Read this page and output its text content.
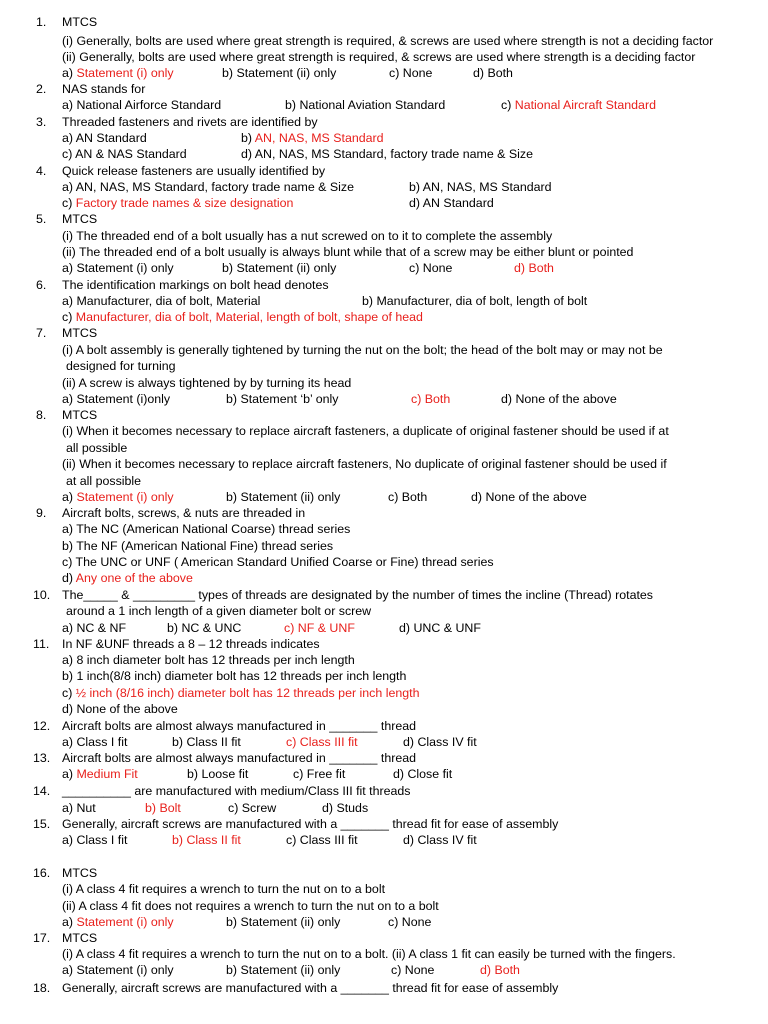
1. MTCS
(i) Generally, bolts are used where great strength is required, & screws are used where strength is not a deciding factor
(ii) Generally, bolts are used where great strength is required, & screws are used where strength is a deciding factor
a) Statement (i) only	b) Statement (ii) only	c) None	d) Both
2. NAS stands for
a) National Airforce Standard	b) National Aviation Standard	c) National Aircraft Standard
3. Threaded fasteners and rivets are identified by
a) AN Standard	b) AN, NAS, MS Standard
c) AN & NAS Standard	d) AN, NAS, MS Standard, factory trade name & Size
4. Quick release fasteners are usually identified by
a) AN, NAS, MS Standard, factory trade name & Size	b) AN, NAS, MS Standard
c) Factory trade names & size designation	d) AN Standard
5. MTCS
(i) The threaded end of a bolt usually has a nut screwed on to it to complete the assembly
(ii) The threaded end of a bolt usually is always blunt while that of a screw may be either blunt or pointed
a) Statement (i) only	b) Statement (ii) only	c) None	d) Both
6. The identification markings on bolt head denotes
a) Manufacturer, dia of bolt, Material	b) Manufacturer, dia of bolt, length of bolt
c) Manufacturer, dia of bolt, Material, length of bolt, shape of head
7. MTCS
(i) A bolt assembly is generally tightened by turning the nut on the bolt; the head of the bolt may or may not be
designed for turning
(ii) A screw is always tightened by by turning its head
a) Statement (i)only	b) Statement ‘b’ only	c) Both	d) None of the above
8. MTCS
(i) When it becomes necessary to replace aircraft fasteners, a duplicate of original fastener should be used if at
all possible
(ii) When it becomes necessary to replace aircraft fasteners, No duplicate of original fastener should be used if
at all possible
a) Statement (i) only	b) Statement (ii) only	c) Both	d) None of the above
9. Aircraft bolts, screws, & nuts are threaded in
a) The NC (American National Coarse) thread series
b) The NF (American National Fine) thread series
c) The UNC or UNF ( American Standard Unified Coarse or Fine) thread series
d) Any one of the above
10. The_____ & _________ types of threads are designated by the number of times the incline (Thread) rotates
around a 1 inch length of a given diameter bolt or screw
a) NC & NF	b) NC & UNC	c) NF & UNF	d) UNC & UNF
11. In NF &UNF threads a 8 – 12 threads indicates
a) 8 inch diameter bolt has 12 threads per inch length
b) 1 inch(8/8 inch) diameter bolt has 12 threads per inch length
c) ½ inch (8/16 inch) diameter bolt has 12 threads per inch length
d) None of the above
12. Aircraft bolts are almost always manufactured in _______ thread
a) Class I fit	b) Class II fit	c) Class III fit	d) Class IV fit
13. Aircraft bolts are almost always manufactured in _______ thread
a) Medium Fit	b) Loose fit	c) Free fit	d) Close fit
14. __________ are manufactured with medium/Class III fit threads
a) Nut	b) Bolt	c) Screw	d) Studs
15. Generally, aircraft screws are manufactured with a _______ thread fit for ease of assembly
a) Class I fit	b) Class II fit	c) Class III fit	d) Class IV fit
16. MTCS
(i) A class 4 fit requires a wrench to turn the nut on to a bolt
(ii) A class 4 fit does not requires a wrench to turn the nut on to a bolt
a) Statement (i) only	b) Statement (ii) only	c) None
17. MTCS
(i) A class 4 fit requires a wrench to turn the nut on to a bolt. (ii) A class 1 fit can easily be turned with the fingers.
a) Statement (i) only	b) Statement (ii) only	c) None	d) Both
18. Generally, aircraft screws are manufactured with a _______ thread fit for ease of assembly
